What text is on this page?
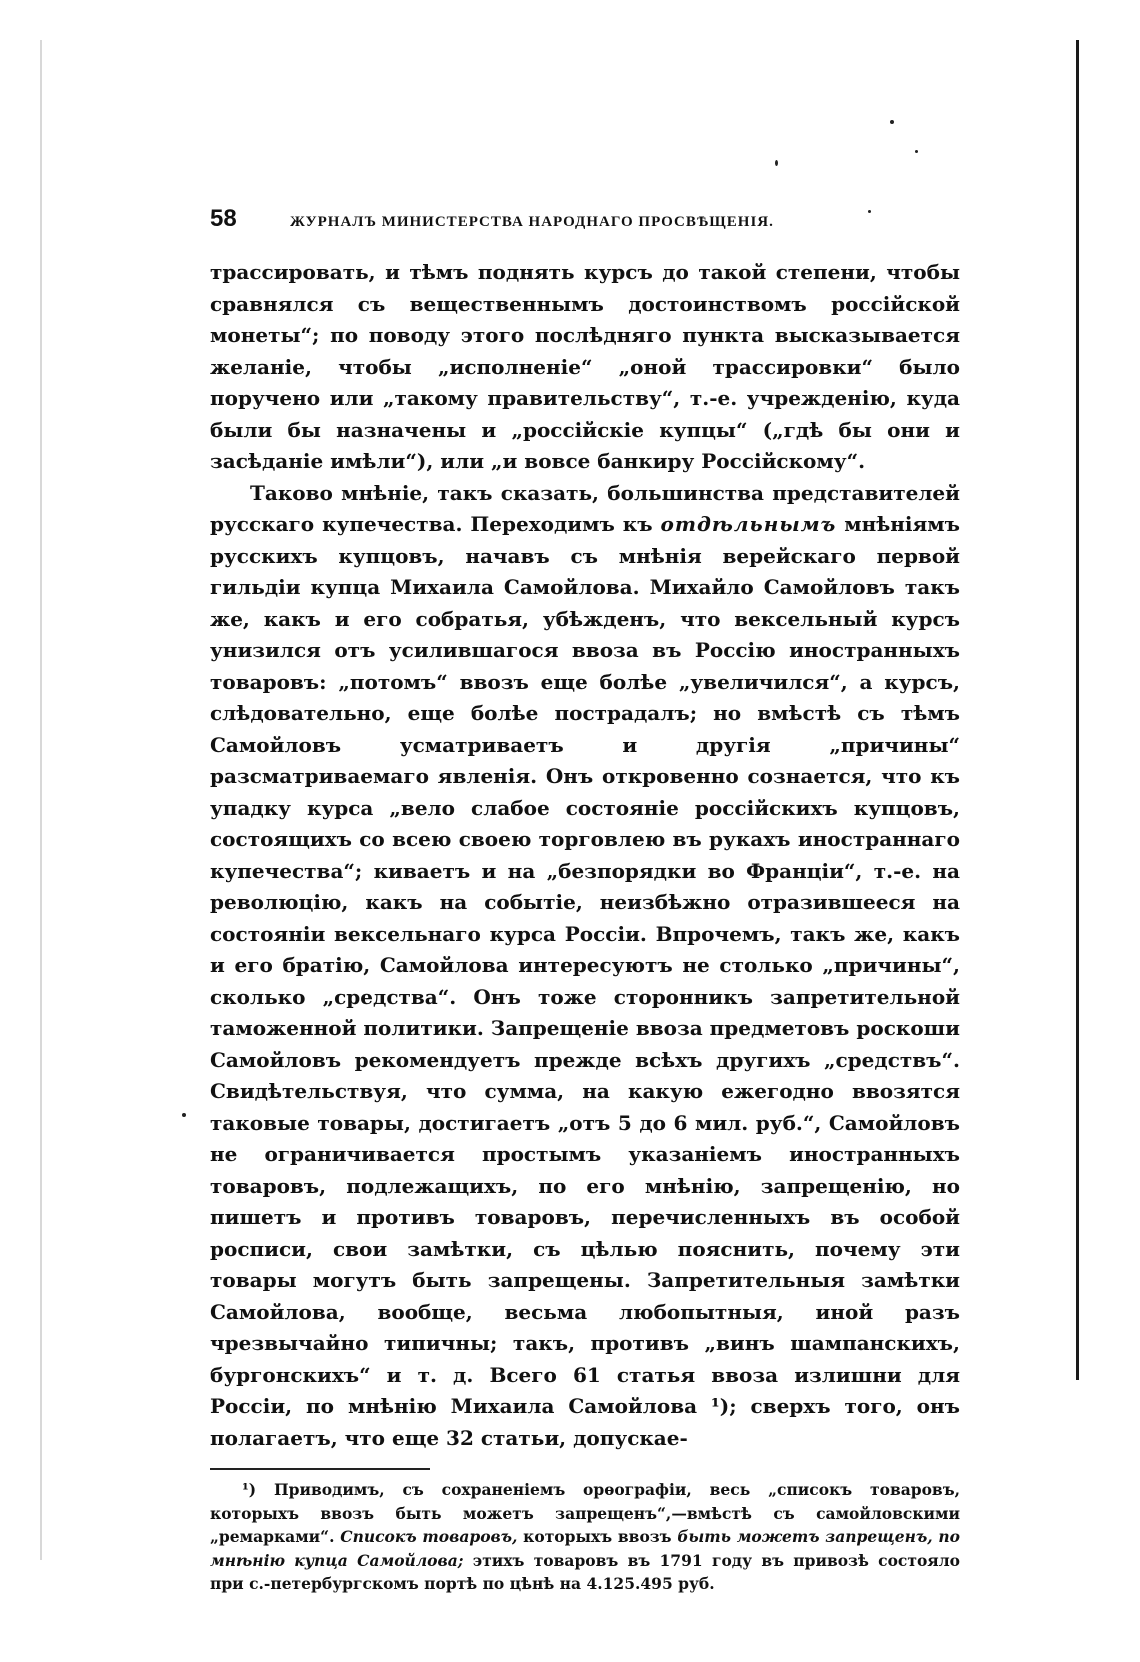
58	ЖУРНАЛЪ МИНИСТЕРСТВА НАРОДНАГО ПРОСВѢЩЕНІЯ.

трассировать, и тѣмъ поднять курсъ до такой степени, чтобы сравнялся съ вещественнымъ достоинствомъ россійской монеты“; по поводу этого послѣдняго пункта высказывается желаніе, чтобы „исполненіе“ „оной трассировки“ было поручено или „такому правительству“, т.-е. учрежденію, куда были бы назначены и „россійскіе купцы“ („гдѣ бы они и засѣданіе имѣли“), или „и вовсе банкиру Россійскому“.

Таково мнѣніе, такъ сказать, большинства представителей русскаго купечества. Переходимъ къ отдѣльнымъ мнѣніямъ русскихъ купцовъ, начавъ съ мнѣнія верейскаго первой гильдіи купца Михаила Самойлова. Михайло Самойловъ такъ же, какъ и его собратья, убѣжденъ, что вексельный курсъ унизился отъ усилившагося ввоза въ Россію иностранныхъ товаровъ: „потомъ“ ввозъ еще болѣе „увеличился“, а курсъ, слѣдовательно, еще болѣе пострадалъ; но вмѣстѣ съ тѣмъ Самойловъ усматриваетъ и другія „причины“ разсматриваемаго явленія. Онъ откровенно сознается, что къ упадку курса „вело слабое состояніе россійскихъ купцовъ, состоящихъ со всею своею торговлею въ рукахъ иностраннаго купечества“; киваетъ и на „безпорядки во Франціи“, т.-е. на революцію, какъ на событіе, неизбѣжно отразившееся на состояніи вексельнаго курса Россіи. Впрочемъ, такъ же, какъ и его братію, Самойлова интересуютъ не столько „причины“, сколько „средства“. Онъ тоже сторонникъ запретительной таможенной политики. Запрещеніе ввоза предметовъ роскоши Самойловъ рекомендуетъ прежде всѣхъ другихъ „средствъ“. Свидѣтельствуя, что сумма, на какую ежегодно ввозятся таковые товары, достигаетъ „отъ 5 до 6 мил. руб.“, Самойловъ не ограничивается простымъ указаніемъ иностранныхъ товаровъ, подлежащихъ, по его мнѣнію, запрещенію, но пишетъ и противъ товаровъ, перечисленныхъ въ особой росписи, свои замѣтки, съ цѣлью пояснить, почему эти товары могутъ быть запрещены. Запретительныя замѣтки Самойлова, вообще, весьма любопытныя, иной разъ чрезвычайно типичны; такъ, противъ „винъ шампанскихъ, бургонскихъ“ и т. д. Всего 61 статья ввоза излишни для Россіи, по мнѣнію Михаила Самойлова ¹); сверхъ того, онъ полагаетъ, что еще 32 статьи, допускае-

¹) Приводимъ, съ сохраненіемъ орѳографіи, весь „списокъ товаровъ, которыхъ ввозъ быть можетъ запрещенъ“,—вмѣстѣ съ самойловскими „ремарками“. Списокъ товаровъ, которыхъ ввозъ быть можетъ запрещенъ, по мнѣнію купца Самойлова; этихъ товаровъ въ 1791 году въ привозѣ состояло при с.-петербургскомъ портѣ по цѣнѣ на 4.125.495 руб.
